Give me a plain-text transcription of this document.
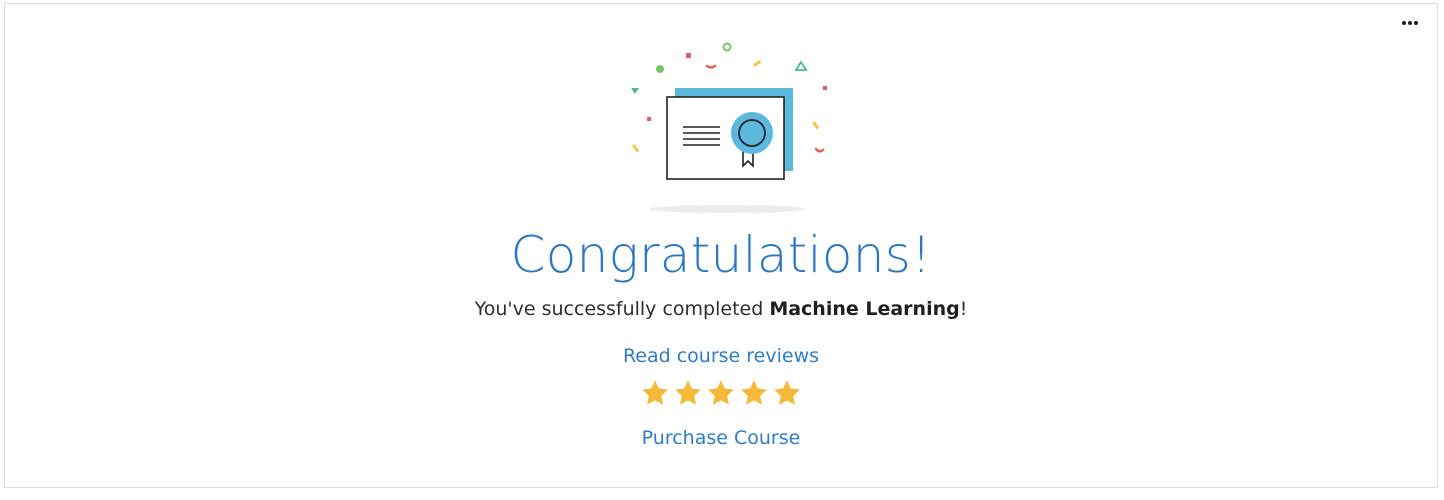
Congratulations!
You've successfully completed Machine Learning!
Read course reviews
Purchase Course
